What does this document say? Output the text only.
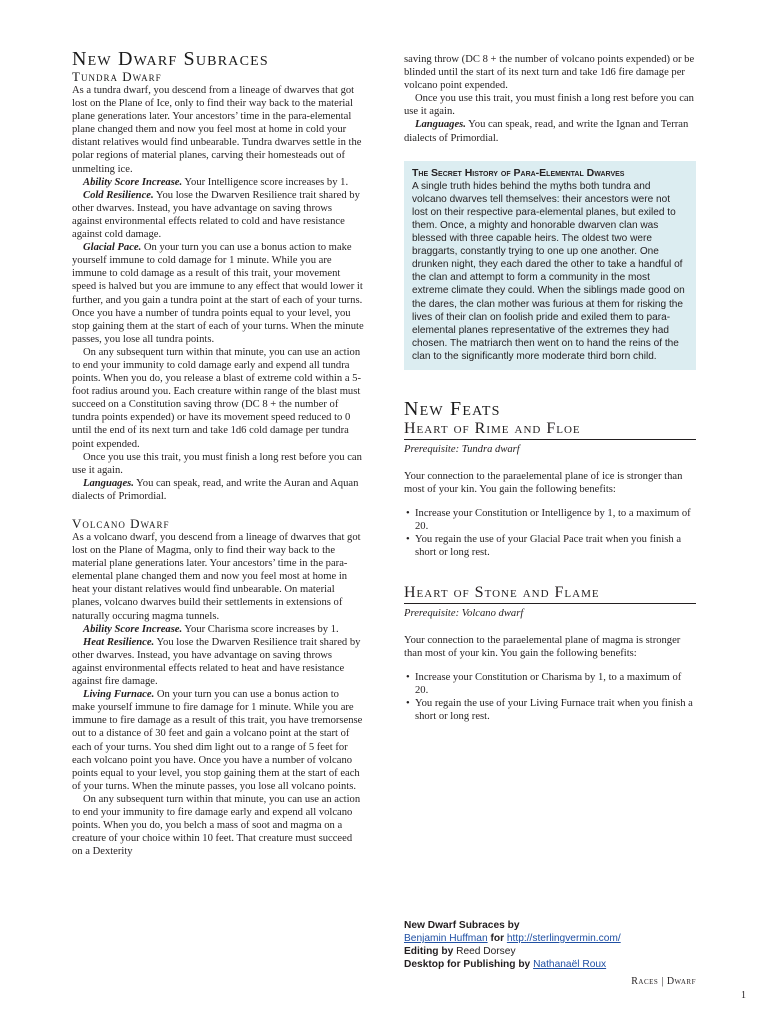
New Dwarf Subraces
Tundra Dwarf

As a tundra dwarf, you descend from a lineage of dwarves that got lost on the Plane of Ice, only to find their way back to the material plane generations later. Your ancestors’ time in the para-elemental plane changed them and now you feel most at home in cold your distant relatives would find unbearable. Tundra dwarves settle in the polar regions of material planes, carving their homesteads out of unmelting ice.

Ability Score Increase. Your Intelligence score increases by 1.

Cold Resilience. You lose the Dwarven Resilience trait shared by other dwarves. Instead, you have advantage on saving throws against environmental effects related to cold and have resistance against cold damage.

Glacial Pace. On your turn you can use a bonus action to make yourself immune to cold damage for 1 minute. While you are immune to cold damage as a result of this trait, your movement speed is halved but you are immune to any effect that would lower it further, and you gain a tundra point at the start of each of your turns. Once you have a number of tundra points equal to your level, you stop gaining them at the start of each of your turns. When the minute passes, you lose all tundra points.

On any subsequent turn within that minute, you can use an action to end your immunity to cold damage early and expend all tundra points. When you do, you release a blast of extreme cold within a 5-foot radius around you. Each creature within range of the blast must succeed on a Constitution saving throw (DC 8 + the number of tundra points expended) or have its movement speed reduced to 0 until the end of its next turn and take 1d6 cold damage per tundra point expended.

Once you use this trait, you must finish a long rest before you can use it again.

Languages. You can speak, read, and write the Auran and Aquan dialects of Primordial.

Volcano Dwarf

As a volcano dwarf, you descend from a lineage of dwarves that got lost on the Plane of Magma, only to find their way back to the material plane generations later. Your ancestors’ time in the para-elemental plane changed them and now you feel most at home in heat your distant relatives would find unbearable. On material planes, volcano dwarves build their settlements in extensions of naturally occuring magma tunnels.

Ability Score Increase. Your Charisma score increases by 1.

Heat Resilience. You lose the Dwarven Resilience trait shared by other dwarves. Instead, you have advantage on saving throws against environmental effects related to heat and have resistance against fire damage.

Living Furnace. On your turn you can use a bonus action to make yourself immune to fire damage for 1 minute. While you are immune to fire damage as a result of this trait, you have tremorsense out to a distance of 30 feet and gain a volcano point at the start of each of your turns. You shed dim light out to a range of 5 feet for each volcano point you have. Once you have a number of volcano points equal to your level, you stop gaining them at the start of each of your turns. When the minute passes, you lose all volcano points.

On any subsequent turn within that minute, you can use an action to end your immunity to fire damage early and expend all volcano points. When you do, you belch a mass of soot and magma on a creature of your choice within 10 feet. That creature must succeed on a Dexterity

saving throw (DC 8 + the number of volcano points expended) or be blinded until the start of its next turn and take 1d6 fire damage per volcano point expended.

Once you use this trait, you must finish a long rest before you can use it again.

Languages. You can speak, read, and write the Ignan and Terran dialects of Primordial.

The Secret History of Para-Elemental Dwarves
A single truth hides behind the myths both tundra and volcano dwarves tell themselves: their ancestors were not lost on their respective para-elemental planes, but exiled to them. Once, a mighty and honorable dwarven clan was blessed with three capable heirs. The oldest two were braggarts, constantly trying to one up one another. One drunken night, they each dared the other to take a handful of the clan and attempt to form a community in the most extreme climate they could. When the siblings made good on the dares, the clan mother was furious at them for risking the lives of their clan on foolish pride and exiled them to para-elemental planes representative of the extremes they had chosen. The matriarch then went on to hand the reins of the clan to the significantly more moderate third born child.
New Feats
Heart of Rime and Floe

Prerequisite: Tundra dwarf

Your connection to the paraelemental plane of ice is stronger than most of your kin. You gain the following benefits:

• Increase your Constitution or Intelligence by 1, to a maximum of 20.
• You regain the use of your Glacial Pace trait when you finish a short or long rest.
Heart of Stone and Flame

Prerequisite: Volcano dwarf

Your connection to the paraelemental plane of magma is stronger than most of your kin. You gain the following benefits:

• Increase your Constitution or Charisma by 1, to a maximum of 20.
• You regain the use of your Living Furnace trait when you finish a short or long rest.
New Dwarf Subraces by
Benjamin Huffman for http://sterlingvermin.com/
Editing by Reed Dorsey
Desktop for Publishing by Nathanaël Roux
Races | Dwarf
1
